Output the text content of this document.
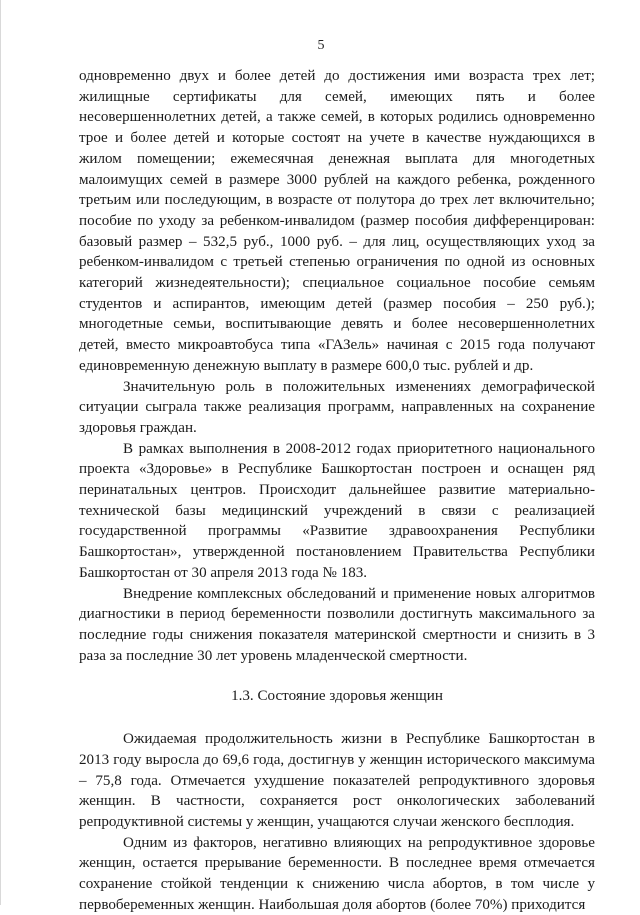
5

одновременно двух и более детей до достижения ими возраста трех лет; жилищные сертификаты для семей, имеющих пять и более несовершеннолетних детей, а также семей, в которых родились одновременно трое и более детей и которые состоят на учете в качестве нуждающихся в жилом помещении; ежемесячная денежная выплата для многодетных малоимущих семей в размере 3000 рублей на каждого ребенка, рожденного третьим или последующим, в возрасте от полутора до трех лет включительно; пособие по уходу за ребенком-инвалидом (размер пособия дифференцирован: базовый размер – 532,5 руб., 1000 руб. – для лиц, осуществляющих уход за ребенком-инвалидом с третьей степенью ограничения по одной из основных категорий жизнедеятельности); специальное социальное пособие семьям студентов и аспирантов, имеющим детей (размер пособия – 250 руб.); многодетные семьи, воспитывающие девять и более несовершеннолетних детей, вместо микроавтобуса типа «ГАЗель» начиная с 2015 года получают единовременную денежную выплату в размере 600,0 тыс. рублей и др.

Значительную роль в положительных изменениях демографической ситуации сыграла также реализация программ, направленных на сохранение здоровья граждан.

В рамках выполнения в 2008-2012 годах приоритетного национального проекта «Здоровье» в Республике Башкортостан построен и оснащен ряд перинатальных центров. Происходит дальнейшее развитие материально-технической базы медицинский учреждений в связи с реализацией государственной программы «Развитие здравоохранения Республики Башкортостан», утвержденной постановлением Правительства Республики Башкортостан от 30 апреля 2013 года № 183.

Внедрение комплексных обследований и применение новых алгоритмов диагностики в период беременности позволили достигнуть максимального за последние годы снижения показателя материнской смертности и снизить в 3 раза за последние 30 лет уровень младенческой смертности.

1.3. Состояние здоровья женщин

Ожидаемая продолжительность жизни в Республике Башкортостан в 2013 году выросла до 69,6 года, достигнув у женщин исторического максимума – 75,8 года. Отмечается ухудшение показателей репродуктивного здоровья женщин. В частности, сохраняется рост онкологических заболеваний репродуктивной системы у женщин, учащаются случаи женского бесплодия.

Одним из факторов, негативно влияющих на репродуктивное здоровье женщин, остается прерывание беременности. В последнее время отмечается сохранение стойкой тенденции к снижению числа абортов, в том числе у первобеременных женщин. Наибольшая доля абортов (более 70%) приходится
